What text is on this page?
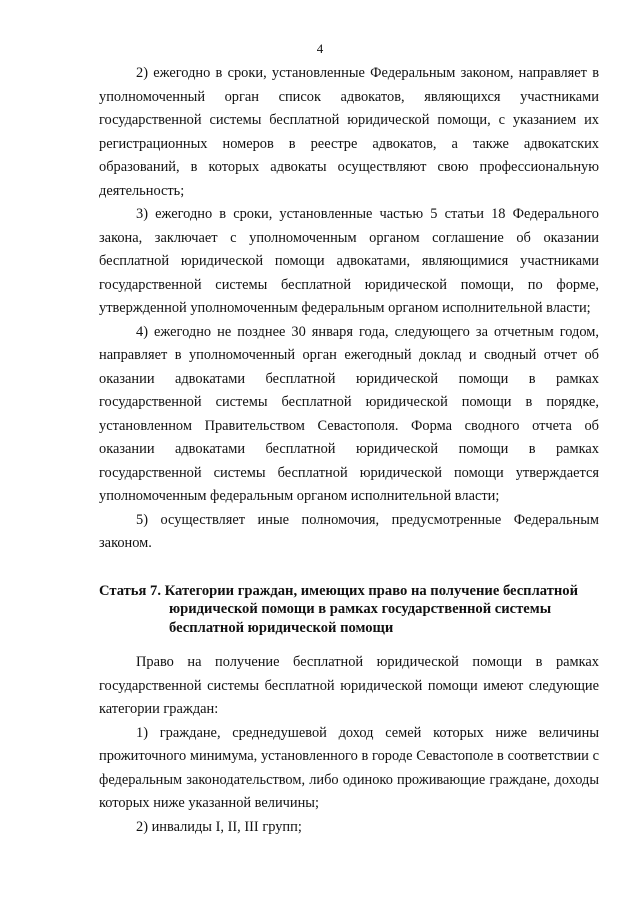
4

2) ежегодно в сроки, установленные Федеральным законом, направляет в уполномоченный орган список адвокатов, являющихся участниками государственной системы бесплатной юридической помощи, с указанием их регистрационных номеров в реестре адвокатов, а также адвокатских образований, в которых адвокаты осуществляют свою профессиональную деятельность;

3) ежегодно в сроки, установленные частью 5 статьи 18 Федерального закона, заключает с уполномоченным органом соглашение об оказании бесплатной юридической помощи адвокатами, являющимися участниками государственной системы бесплатной юридической помощи, по форме, утвержденной уполномоченным федеральным органом исполнительной власти;

4) ежегодно не позднее 30 января года, следующего за отчетным годом, направляет в уполномоченный орган ежегодный доклад и сводный отчет об оказании адвокатами бесплатной юридической помощи в рамках государственной системы бесплатной юридической помощи в порядке, установленном Правительством Севастополя. Форма сводного отчета об оказании адвокатами бесплатной юридической помощи в рамках государственной системы бесплатной юридической помощи утверждается уполномоченным федеральным органом исполнительной власти;

5) осуществляет иные полномочия, предусмотренные Федеральным законом.

Статья 7. Категории граждан, имеющих право на получение бесплатной
юридической помощи в рамках государственной системы
бесплатной юридической помощи

Право на получение бесплатной юридической помощи в рамках государственной системы бесплатной юридической помощи имеют следующие категории граждан:

1) граждане, среднедушевой доход семей которых ниже величины прожиточного минимума, установленного в городе Севастополе в соответствии с федеральным законодательством, либо одиноко проживающие граждане, доходы которых ниже указанной величины;

2) инвалиды I, II, III групп;
